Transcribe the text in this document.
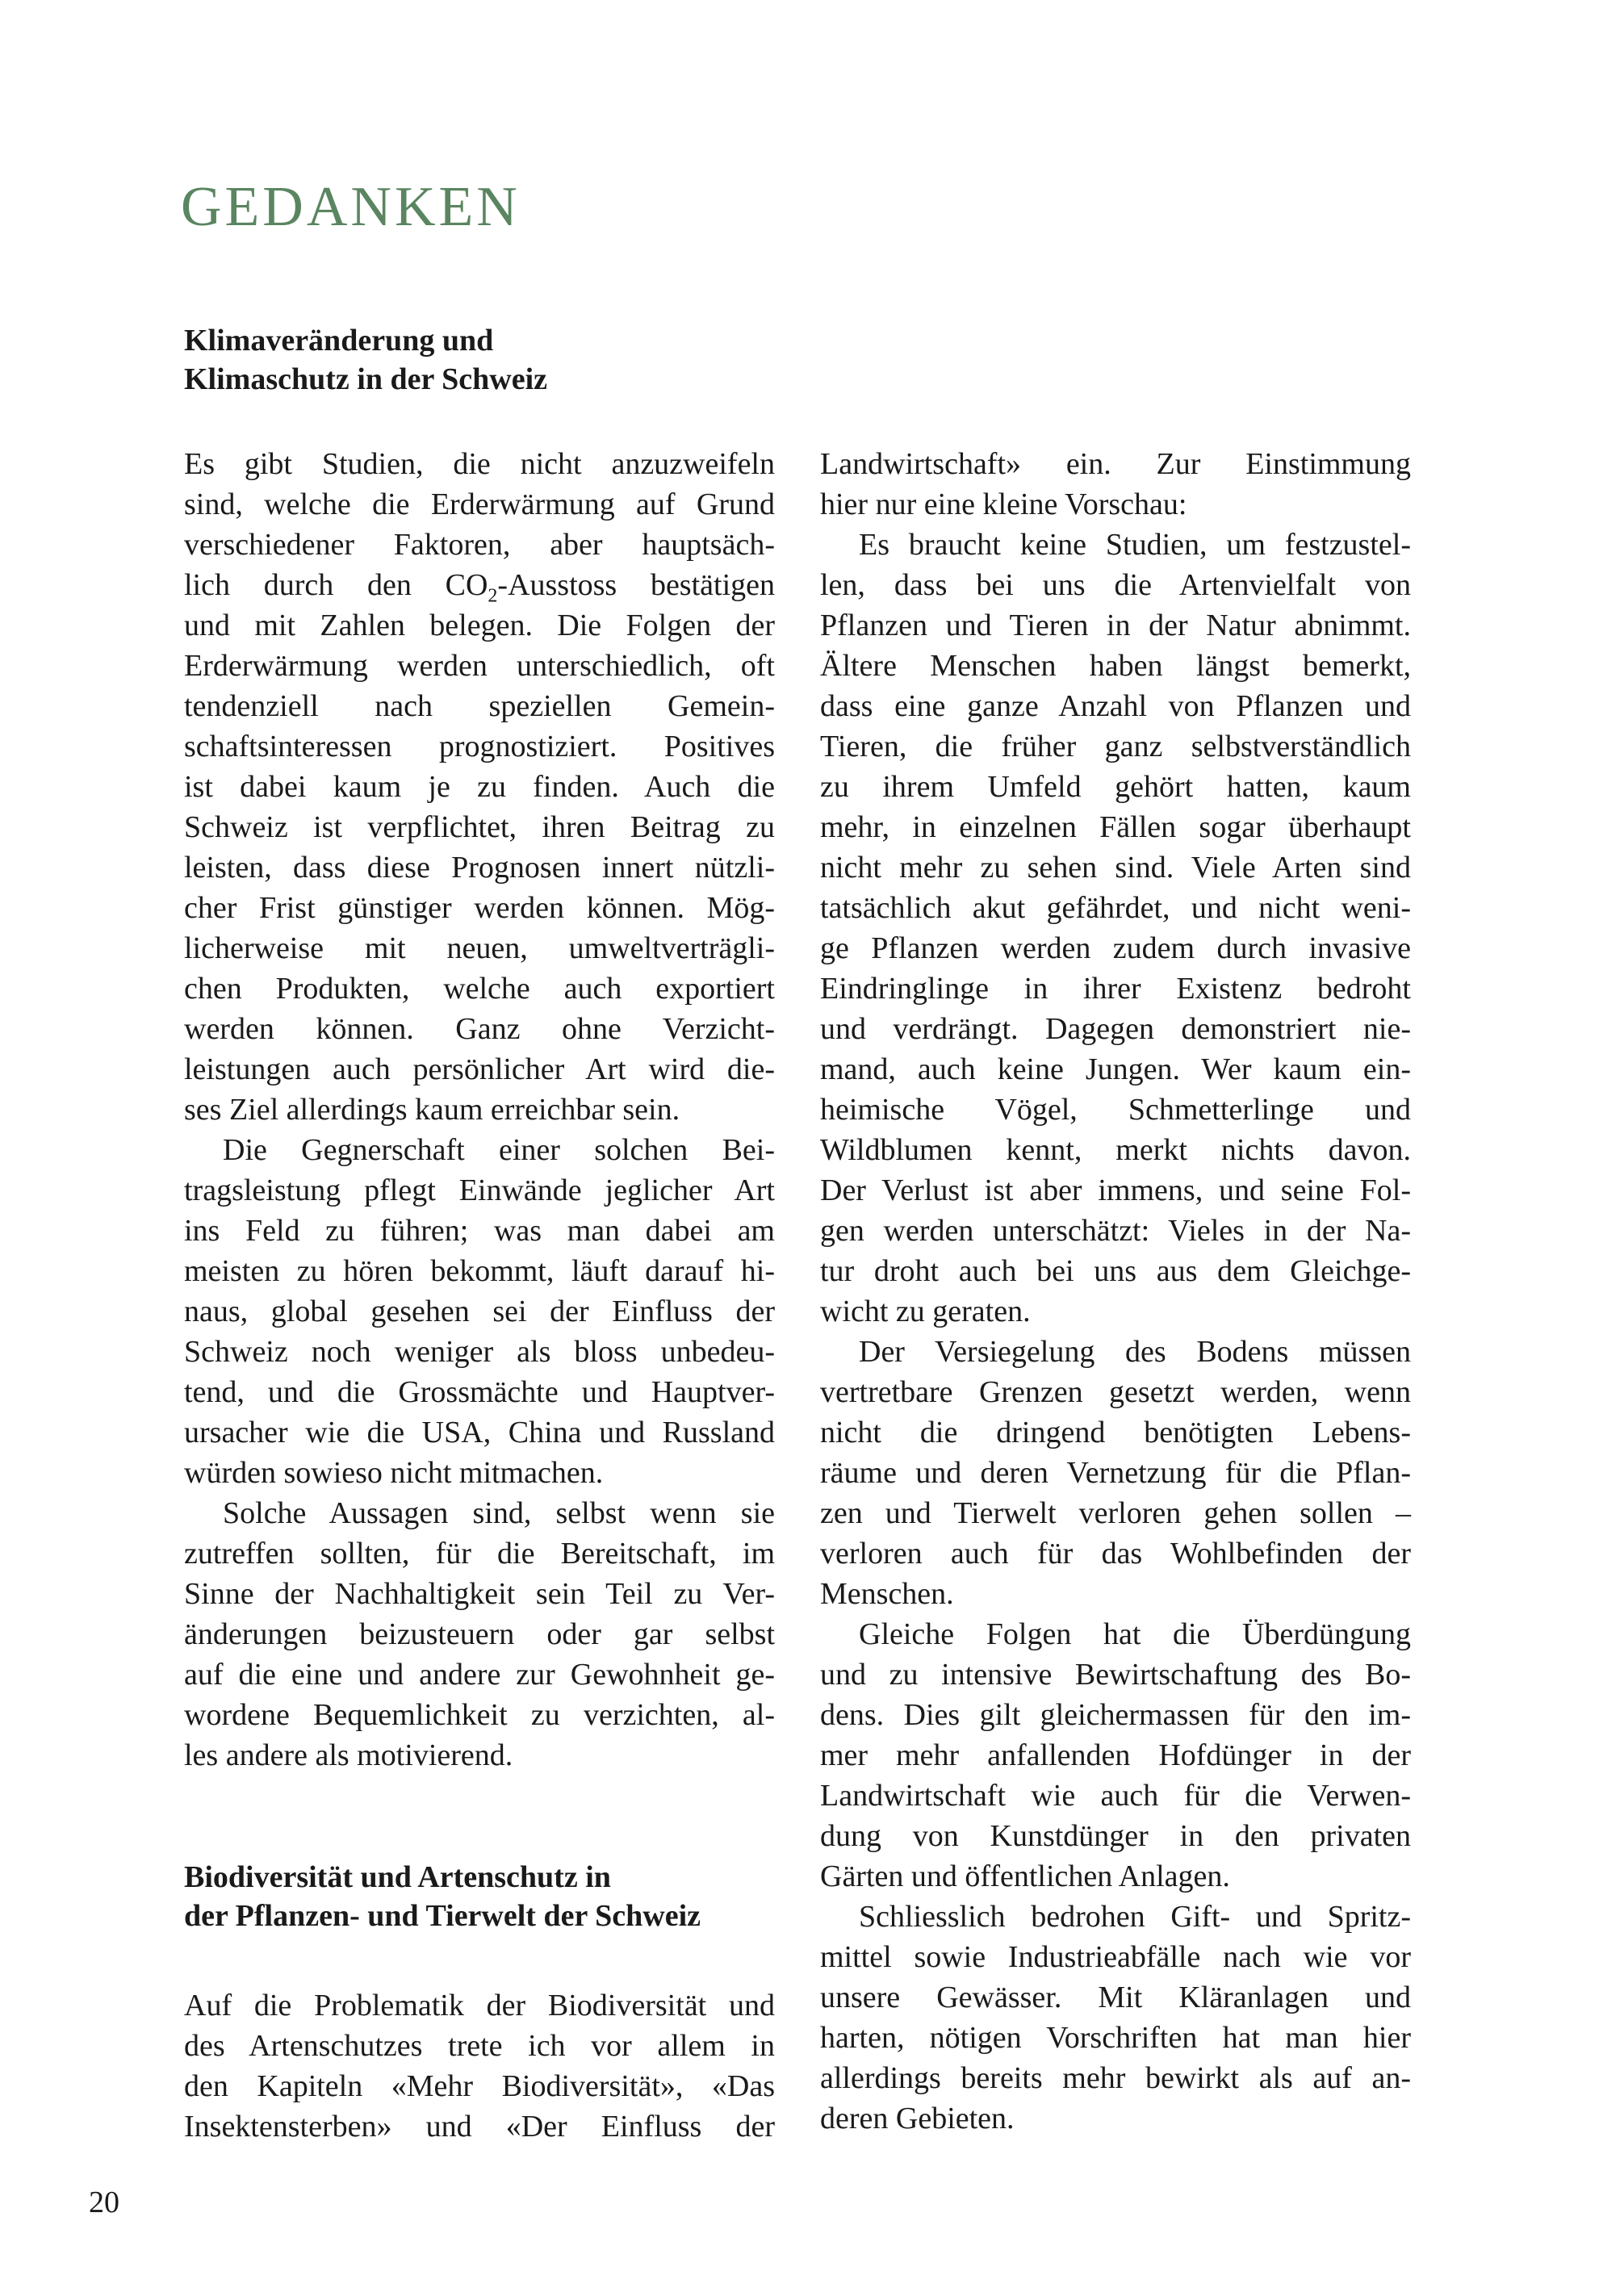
GEDANKEN
Klimaveränderung und
Klimaschutz in der Schweiz

Es gibt Studien, die nicht anzuzweifeln
sind, welche die Erderwärmung auf Grund
verschiedener Faktoren, aber hauptsäch-
lich durch den $CO_2$-Ausstoss bestätigen
und mit Zahlen belegen. Die Folgen der
Erderwärmung werden unterschiedlich, oft
tendenziell nach speziellen Gemein-
schaftsinteressen prognostiziert. Positives
ist dabei kaum je zu finden. Auch die
Schweiz ist verpflichtet, ihren Beitrag zu
leisten, dass diese Prognosen innert nützli-
cher Frist günstiger werden können. Mög-
licherweise mit neuen, umweltverträgli-
chen Produkten, welche auch exportiert
werden können. Ganz ohne Verzicht-
leistungen auch persönlicher Art wird die-
ses Ziel allerdings kaum erreichbar sein.

Die Gegnerschaft einer solchen Bei-
tragsleistung pflegt Einwände jeglicher Art
ins Feld zu führen; was man dabei am
meisten zu hören bekommt, läuft darauf hi-
naus, global gesehen sei der Einfluss der
Schweiz noch weniger als bloss unbedeu-
tend, und die Grossmächte und Hauptver-
ursacher wie die USA, China und Russland
würden sowieso nicht mitmachen.

Solche Aussagen sind, selbst wenn sie
zutreffen sollten, für die Bereitschaft, im
Sinne der Nachhaltigkeit sein Teil zu Ver-
änderungen beizusteuern oder gar selbst
auf die eine und andere zur Gewohnheit ge-
wordene Bequemlichkeit zu verzichten, al-
les andere als motivierend.

Biodiversität und Artenschutz in
der Pflanzen- und Tierwelt der Schweiz

Auf die Problematik der Biodiversität und
des Artenschutzes trete ich vor allem in
den Kapiteln «Mehr Biodiversität», «Das
Insektensterben» und «Der Einfluss der

Landwirtschaft» ein. Zur Einstimmung
hier nur eine kleine Vorschau:

Es braucht keine Studien, um festzustel-
len, dass bei uns die Artenvielfalt von
Pflanzen und Tieren in der Natur abnimmt.
Ältere Menschen haben längst bemerkt,
dass eine ganze Anzahl von Pflanzen und
Tieren, die früher ganz selbstverständlich
zu ihrem Umfeld gehört hatten, kaum
mehr, in einzelnen Fällen sogar überhaupt
nicht mehr zu sehen sind. Viele Arten sind
tatsächlich akut gefährdet, und nicht weni-
ge Pflanzen werden zudem durch invasive
Eindringlinge in ihrer Existenz bedroht
und verdrängt. Dagegen demonstriert nie-
mand, auch keine Jungen. Wer kaum ein-
heimische Vögel, Schmetterlinge und
Wildblumen kennt, merkt nichts davon.
Der Verlust ist aber immens, und seine Fol-
gen werden unterschätzt: Vieles in der Na-
tur droht auch bei uns aus dem Gleichge-
wicht zu geraten.

Der Versiegelung des Bodens müssen
vertretbare Grenzen gesetzt werden, wenn
nicht die dringend benötigten Lebens-
räume und deren Vernetzung für die Pflan-
zen und Tierwelt verloren gehen sollen –
verloren auch für das Wohlbefinden der
Menschen.

Gleiche Folgen hat die Überdüngung
und zu intensive Bewirtschaftung des Bo-
dens. Dies gilt gleichermassen für den im-
mer mehr anfallenden Hofdünger in der
Landwirtschaft wie auch für die Verwen-
dung von Kunstdünger in den privaten
Gärten und öffentlichen Anlagen.

Schliesslich bedrohen Gift- und Spritz-
mittel sowie Industrieabfälle nach wie vor
unsere Gewässer. Mit Kläranlagen und
harten, nötigen Vorschriften hat man hier
allerdings bereits mehr bewirkt als auf an-
deren Gebieten.

20
